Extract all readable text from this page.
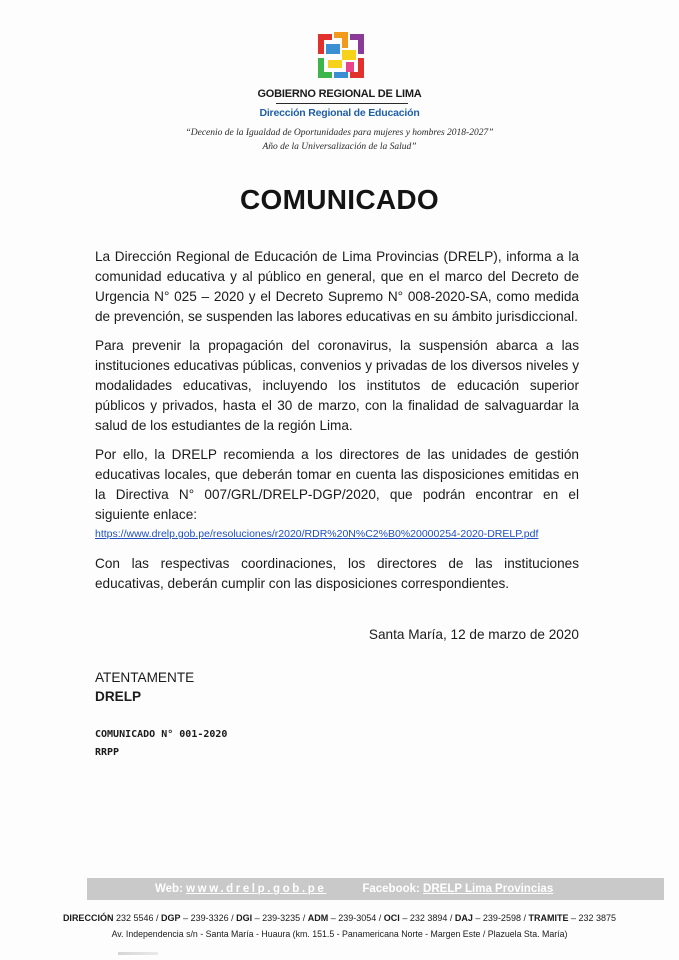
GOBIERNO REGIONAL DE LIMA
Dirección Regional de Educación
“Decenio de la Igualdad de Oportunidades para mujeres y hombres 2018-2027”
Año de la Universalización de la Salud”
COMUNICADO

La Dirección Regional de Educación de Lima Provincias (DRELP), informa a la comunidad educativa y al público en general, que en el marco del Decreto de Urgencia N° 025 – 2020 y el Decreto Supremo N° 008-2020-SA, como medida de prevención, se suspenden las labores educativas en su ámbito jurisdiccional.

Para prevenir la propagación del coronavirus, la suspensión abarca a las instituciones educativas públicas, convenios y privadas de los diversos niveles y modalidades educativas, incluyendo los institutos de educación superior públicos y privados, hasta el 30 de marzo, con la finalidad de salvaguardar la salud de los estudiantes de la región Lima.

Por ello, la DRELP recomienda a los directores de las unidades de gestión educativas locales, que deberán tomar en cuenta las disposiciones emitidas en la Directiva N° 007/GRL/DRELP-DGP/2020, que podrán encontrar en el siguiente enlace:
https://www.drelp.gob.pe/resoluciones/r2020/RDR%20N%C2%B0%20000254-2020-DRELP.pdf

Con las respectivas coordinaciones, los directores de las instituciones educativas, deberán cumplir con las disposiciones correspondientes.

Santa María, 12 de marzo de 2020
ATENTAMENTE
DRELP
COMUNICADO N° 001-2020
RRPP
Web: www.drelp.gob.pe	Facebook: DRELP Lima Provincias
DIRECCIÓN 232 5546 / DGP – 239-3326 / DGI – 239-3235 / ADM – 239-3054 / OCI – 232 3894 / DAJ – 239-2598 / TRAMITE – 232 3875
Av. Independencia s/n - Santa María - Huaura (km. 151.5 - Panamericana Norte - Margen Este / Plazuela Sta. María)
